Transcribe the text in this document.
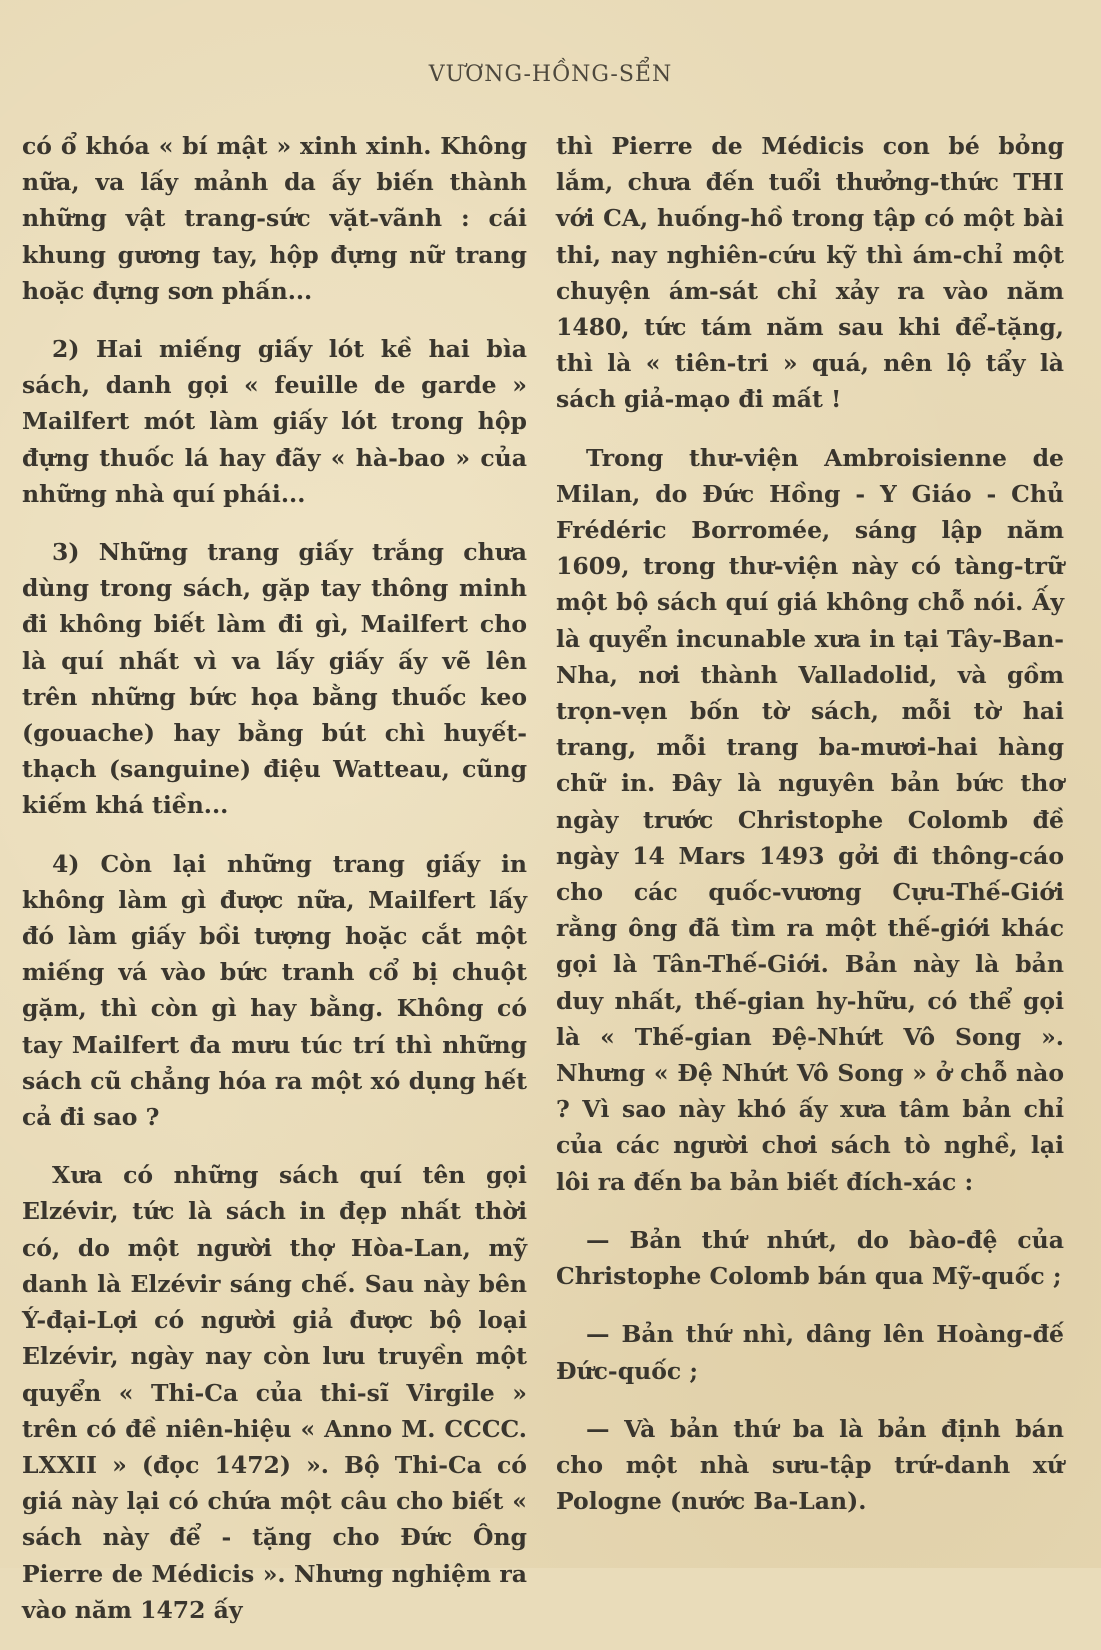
VƯƠNG-HỒNG-SỂN

có ổ khóa « bí mật » xinh xinh. Không nữa, va lấy mảnh da ấy biến thành những vật trang-sức vặt-vãnh : cái khung gương tay, hộp đựng nữ trang hoặc đựng sơn phấn...

2) Hai miếng giấy lót kề hai bìa sách, danh gọi « feuille de garde » Mailfert mót làm giấy lót trong hộp đựng thuốc lá hay đãy « hà-bao » của những nhà quí phái...

3) Những trang giấy trắng chưa dùng trong sách, gặp tay thông minh đi không biết làm đi gì, Mailfert cho là quí nhất vì va lấy giấy ấy vẽ lên trên những bức họa bằng thuốc keo (gouache) hay bằng bút chì huyết-thạch (sanguine) điệu Watteau, cũng kiếm khá tiền...

4) Còn lại những trang giấy in không làm gì được nữa, Mailfert lấy đó làm giấy bồi tượng hoặc cắt một miếng vá vào bức tranh cổ bị chuột gặm, thì còn gì hay bằng. Không có tay Mailfert đa mưu túc trí thì những sách cũ chẳng hóa ra một xó dụng hết cả đi sao ?

Xưa có những sách quí tên gọi Elzévir, tức là sách in đẹp nhất thời có, do một người thợ Hòa-Lan, mỹ danh là Elzévir sáng chế. Sau này bên Ý-đại-Lợi có người giả được bộ loại Elzévir, ngày nay còn lưu truyền một quyển « Thi-Ca của thi-sĩ Virgile » trên có đề niên-hiệu « Anno M. CCCC. LXXII » (đọc 1472) ». Bộ Thi-Ca có giá này lại có chứa một câu cho biết « sách này để - tặng cho Đức Ông Pierre de Médicis ». Nhưng nghiệm ra vào năm 1472 ấy

thì Pierre de Médicis con bé bỏng lắm, chưa đến tuổi thưởng-thức THI với CA, huống-hồ trong tập có một bài thi, nay nghiên-cứu kỹ thì ám-chỉ một chuyện ám-sát chỉ xảy ra vào năm 1480, tức tám năm sau khi để-tặng, thì là « tiên-tri » quá, nên lộ tẩy là sách giả-mạo đi mất !

Trong thư-viện Ambroisienne de Milan, do Đức Hồng - Y Giáo - Chủ Frédéric Borromée, sáng lập năm 1609, trong thư-viện này có tàng-trữ một bộ sách quí giá không chỗ nói. Ấy là quyển incunable xưa in tại Tây-Ban-Nha, nơi thành Valladolid, và gồm trọn-vẹn bốn tờ sách, mỗi tờ hai trang, mỗi trang ba-mươi-hai hàng chữ in. Đây là nguyên bản bức thơ ngày trước Christophe Colomb đề ngày 14 Mars 1493 gởi đi thông-cáo cho các quốc-vương Cựu-Thế-Giới rằng ông đã tìm ra một thế-giới khác gọi là Tân-Thế-Giới. Bản này là bản duy nhất, thế-gian hy-hữu, có thể gọi là « Thế-gian Đệ-Nhứt Vô Song ». Nhưng « Đệ Nhứt Vô Song » ở chỗ nào ? Vì sao này khó ấy xưa tâm bản chỉ của các người chơi sách tò nghề, lại lôi ra đến ba bản biết đích-xác :

— Bản thứ nhứt, do bào-đệ của Christophe Colomb bán qua Mỹ-quốc ;

— Bản thứ nhì, dâng lên Hoàng-đế Đức-quốc ;

— Và bản thứ ba là bản định bán cho một nhà sưu-tập trứ-danh xứ Pologne (nước Ba-Lan).
